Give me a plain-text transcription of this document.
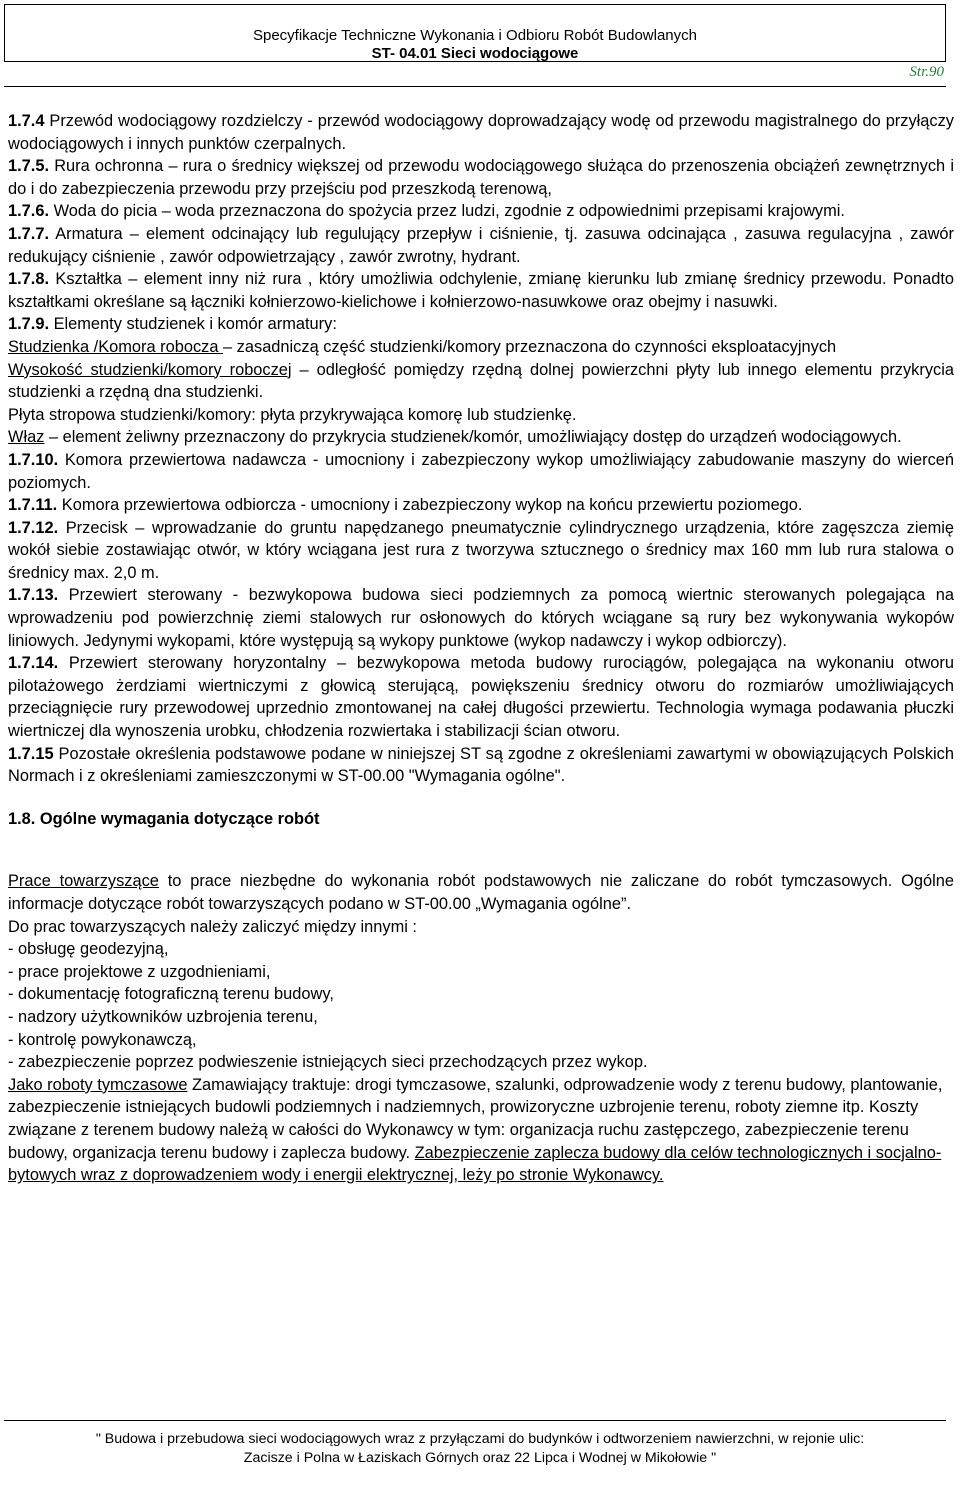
Specyfikacje Techniczne Wykonania i Odbioru Robót Budowlanych
ST- 04.01 Sieci wodociągowe
Str.90

1.7.4 Przewód wodociągowy rozdzielczy - przewód wodociągowy doprowadzający wodę od przewodu magistralnego do przyłączy wodociągowych i innych punktów czerpalnych.

1.7.5. Rura ochronna – rura o średnicy większej od przewodu wodociągowego służąca do przenoszenia obciążeń zewnętrznych i do i do zabezpieczenia przewodu przy przejściu pod przeszkodą terenową,

1.7.6. Woda do picia – woda przeznaczona do spożycia przez ludzi, zgodnie z odpowiednimi przepisami krajowymi.

1.7.7. Armatura – element odcinający lub regulujący przepływ i ciśnienie, tj. zasuwa odcinająca , zasuwa regulacyjna , zawór redukujący ciśnienie , zawór odpowietrzający , zawór zwrotny, hydrant.

1.7.8. Kształtka – element inny niż rura , który umożliwia odchylenie, zmianę kierunku lub zmianę średnicy przewodu. Ponadto kształtkami określane są łączniki kołnierzowo-kielichowe i kołnierzowo-nasuwkowe oraz obejmy i nasuwki.

1.7.9. Elementy studzienek i komór armatury:

Studzienka /Komora robocza – zasadniczą część studzienki/komory przeznaczona do czynności eksploatacyjnych

Wysokość studzienki/komory roboczej – odległość pomiędzy rzędną dolnej powierzchni płyty lub innego elementu przykrycia studzienki a rzędną dna studzienki.

Płyta stropowa studzienki/komory: płyta przykrywająca komorę lub studzienkę.

Właz – element żeliwny przeznaczony do przykrycia studzienek/komór, umożliwiający dostęp do urządzeń wodociągowych.

1.7.10. Komora przewiertowa nadawcza - umocniony i zabezpieczony wykop umożliwiający zabudowanie maszyny do wierceń poziomych.

1.7.11. Komora przewiertowa odbiorcza - umocniony i zabezpieczony wykop na końcu przewiertu poziomego.

1.7.12. Przecisk – wprowadzanie do gruntu napędzanego pneumatycznie cylindrycznego urządzenia, które zagęszcza ziemię wokół siebie zostawiając otwór, w który wciągana jest rura z tworzywa sztucznego o średnicy max 160 mm lub rura stalowa o średnicy max. 2,0 m.

1.7.13. Przewiert sterowany - bezwykopowa budowa sieci podziemnych za pomocą wiertnic sterowanych polegająca na wprowadzeniu pod powierzchnię ziemi stalowych rur osłonowych do których wciągane są rury bez wykonywania wykopów liniowych. Jedynymi wykopami, które występują są wykopy punktowe (wykop nadawczy i wykop odbiorczy).

1.7.14. Przewiert sterowany horyzontalny – bezwykopowa metoda budowy rurociągów, polegająca na wykonaniu otworu pilotażowego żerdziami wiertniczymi z głowicą sterującą, powiększeniu średnicy otworu do rozmiarów umożliwiających przeciągnięcie rury przewodowej uprzednio zmontowanej na całej długości przewiertu. Technologia wymaga podawania płuczki wiertniczej dla wynoszenia urobku, chłodzenia rozwiertaka i stabilizacji ścian otworu.

1.7.15 Pozostałe określenia podstawowe podane w niniejszej ST są zgodne z określeniami zawartymi w obowiązujących Polskich Normach i z określeniami zamieszczonymi w ST-00.00 "Wymagania ogólne".

1.8. Ogólne wymagania dotyczące robót

Prace towarzyszące to prace niezbędne do wykonania robót podstawowych nie zaliczane do robót tymczasowych. Ogólne informacje dotyczące robót towarzyszących podano w ST-00.00 „Wymagania ogólne”.

Do prac towarzyszących należy zaliczyć między innymi :

- obsługę geodezyjną,

- prace projektowe z uzgodnieniami,

- dokumentację fotograficzną terenu budowy,

- nadzory użytkowników uzbrojenia terenu,

- kontrolę powykonawczą,

- zabezpieczenie poprzez podwieszenie istniejących sieci przechodzących przez wykop.

Jako roboty tymczasowe Zamawiający traktuje: drogi tymczasowe, szalunki, odprowadzenie wody z terenu budowy, plantowanie, zabezpieczenie istniejących budowli podziemnych i nadziemnych, prowizoryczne uzbrojenie terenu, roboty ziemne itp. Koszty związane z terenem budowy należą w całości do Wykonawcy w tym: organizacja ruchu zastępczego, zabezpieczenie terenu budowy, organizacja terenu budowy i zaplecza budowy. Zabezpieczenie zaplecza budowy dla celów technologicznych i socjalno-bytowych wraz z doprowadzeniem wody i energii elektrycznej, leży po stronie Wykonawcy.

" Budowa i przebudowa sieci wodociągowych wraz z przyłączami do budynków i odtworzeniem nawierzchni, w rejonie ulic:
Zacisze i Polna w Łaziskach Górnych oraz 22 Lipca i Wodnej w Mikołowie "
